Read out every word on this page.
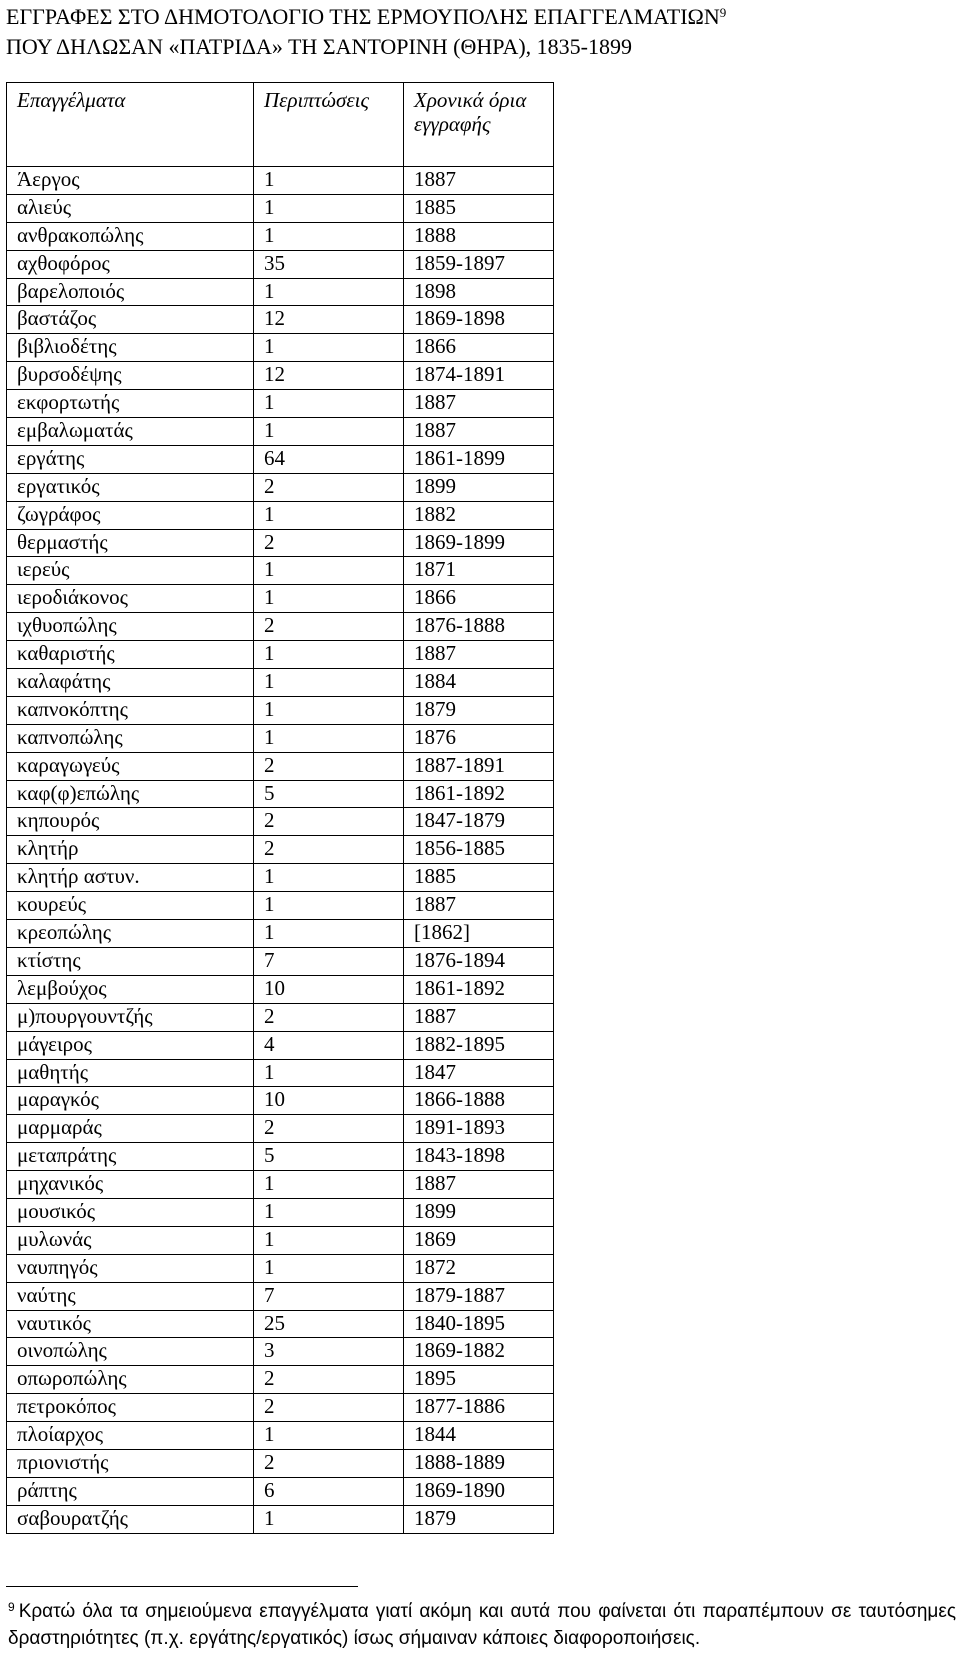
ΕΓΓΡΑΦΕΣ ΣΤΟ ΔΗΜΟΤΟΛΟΓΙΟ ΤΗΣ ΕΡΜΟΥΠΟΛΗΣ ΕΠΑΓΓΕΛΜΑΤΙΩΝ$^9$
ΠΟΥ ΔΗΛΩΣΑΝ «ΠΑΤΡΙΔΑ» ΤΗ ΣΑΝΤΟΡΙΝΗ (ΘΗΡΑ), 1835-1899
Επαγγέλματα	Περιπτώσεις	Χρονικά όρια εγγραφής
Άεργος	1	1887
αλιεύς	1	1885
ανθρακοπώλης	1	1888
αχθοφόρος	35	1859-1897
βαρελοποιός	1	1898
βαστάζος	12	1869-1898
βιβλιοδέτης	1	1866
βυρσοδέψης	12	1874-1891
εκφορτωτής	1	1887
εμβαλωματάς	1	1887
εργάτης	64	1861-1899
εργατικός	2	1899
ζωγράφος	1	1882
θερμαστής	2	1869-1899
ιερεύς	1	1871
ιεροδιάκονος	1	1866
ιχθυοπώλης	2	1876-1888
καθαριστής	1	1887
καλαφάτης	1	1884
καπνοκόπτης	1	1879
καπνοπώλης	1	1876
καραγωγεύς	2	1887-1891
καφ(φ)επώλης	5	1861-1892
κηπουρός	2	1847-1879
κλητήρ	2	1856-1885
κλητήρ αστυν.	1	1885
κουρεύς	1	1887
κρεοπώλης	1	[1862]
κτίστης	7	1876-1894
λεμβούχος	10	1861-1892
μ)πουργουντζής	2	1887
μάγειρος	4	1882-1895
μαθητής	1	1847
μαραγκός	10	1866-1888
μαρμαράς	2	1891-1893
μεταπράτης	5	1843-1898
μηχανικός	1	1887
μουσικός	1	1899
μυλωνάς	1	1869
ναυπηγός	1	1872
ναύτης	7	1879-1887
ναυτικός	25	1840-1895
οινοπώλης	3	1869-1882
οπωροπώλης	2	1895
πετροκόπος	2	1877-1886
πλοίαρχος	1	1844
πριονιστής	2	1888-1889
ράπτης	6	1869-1890
σαβουρατζής	1	1879
$^9$ Κρατώ όλα τα σημειούμενα επαγγέλματα γιατί ακόμη και αυτά που φαίνεται ότι παραπέμπουν σε ταυτόσημες δραστηριότητες (π.χ. εργάτης/εργατικός) ίσως σήμαιναν κάποιες διαφοροποιήσεις.
